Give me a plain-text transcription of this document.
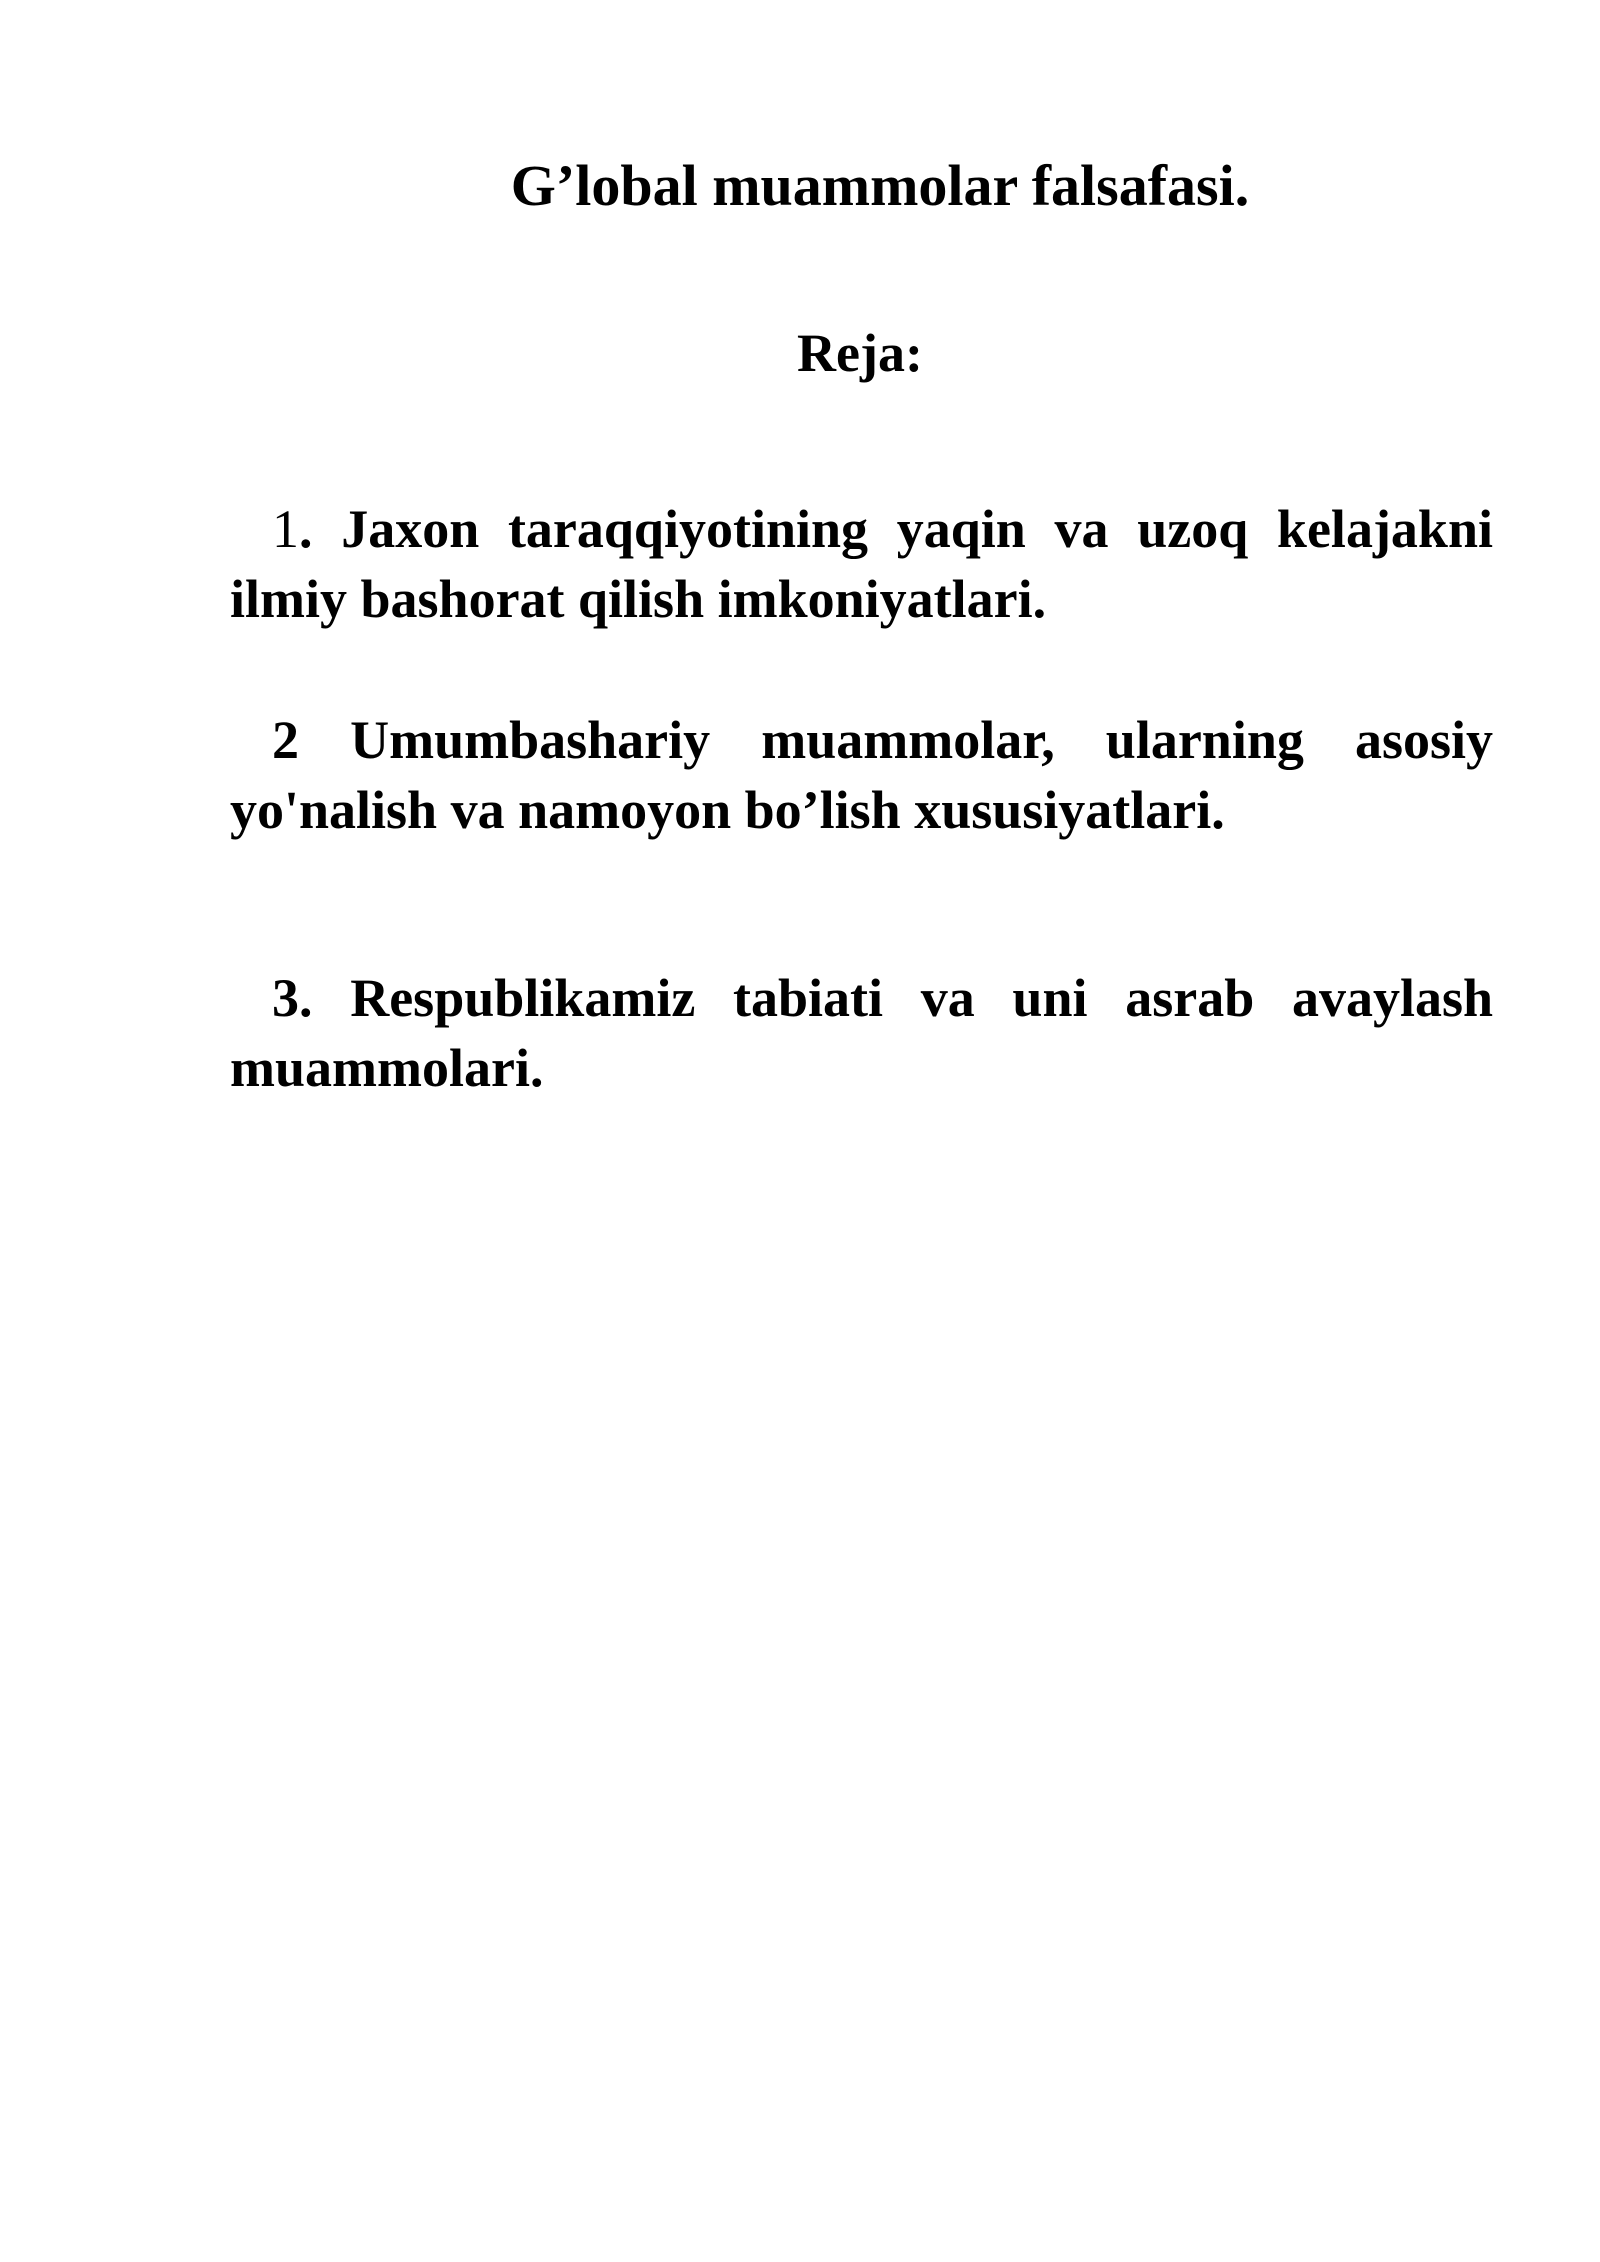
G’lobal muammolar falsafasi.
Reja:

1. Jaxon taraqqiyotining yaqin va uzoq kelajakni ilmiy bashorat qilish imkoniyatlari.

2 Umumbashariy muammolar, ularning asosiy yo'nalish va namoyon bo’lish xususiyatlari.

3. Respublikamiz tabiati va uni asrab avaylash muammolari.
